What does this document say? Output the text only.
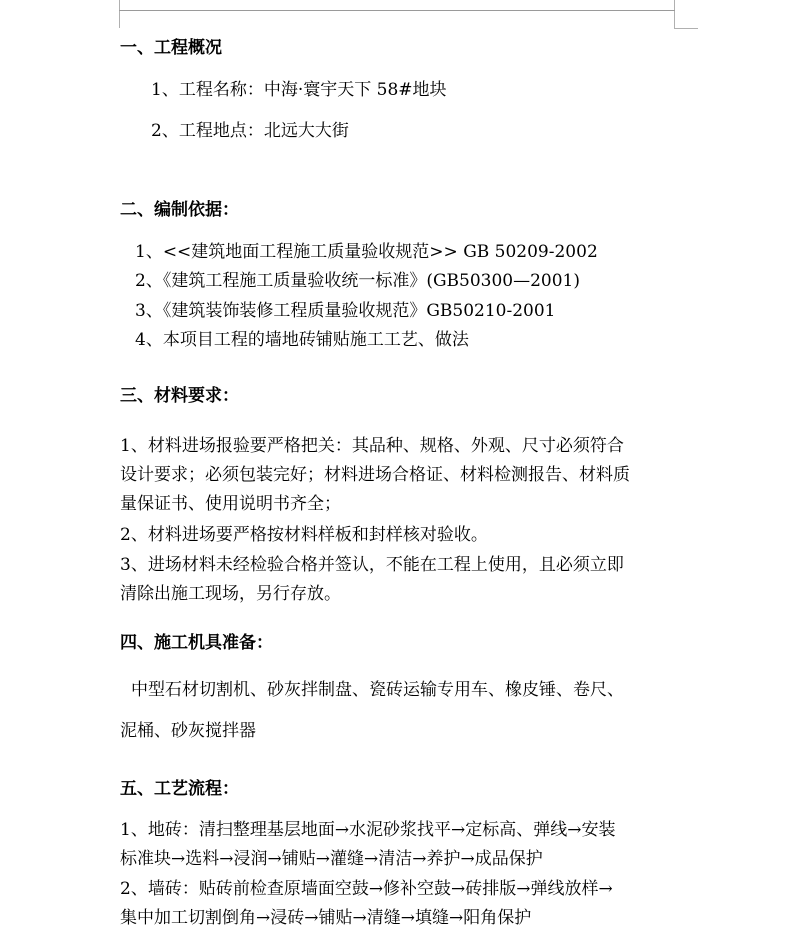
一、工程概况
1、工程名称：中海·寰宇天下 58#地块
2、工程地点：北远大大街
二、编制依据：
1、<<建筑地面工程施工质量验收规范>> GB 50209-2002
2、《建筑工程施工质量验收统一标准》(GB50300—2001)
3、《建筑装饰装修工程质量验收规范》GB50210-2001
4、本项目工程的墙地砖铺贴施工工艺、做法
三、材料要求：
1、材料进场报验要严格把关：其品种、规格、外观、尺寸必须符合
设计要求；必须包装完好；材料进场合格证、材料检测报告、材料质
量保证书、使用说明书齐全；
2、材料进场要严格按材料样板和封样核对验收。
3、进场材料未经检验合格并签认，不能在工程上使用，且必须立即
清除出施工现场，另行存放。
四、施工机具准备：
中型石材切割机、砂灰拌制盘、瓷砖运输专用车、橡皮锤、卷尺、
泥桶、砂灰搅拌器
五、工艺流程：
1、地砖：清扫整理基层地面→水泥砂浆找平→定标高、弹线→安装
标准块→选料→浸润→铺贴→灌缝→清洁→养护→成品保护
2、墙砖：贴砖前检查原墙面空鼓→修补空鼓→砖排版→弹线放样→
集中加工切割倒角→浸砖→铺贴→清缝→填缝→阳角保护
